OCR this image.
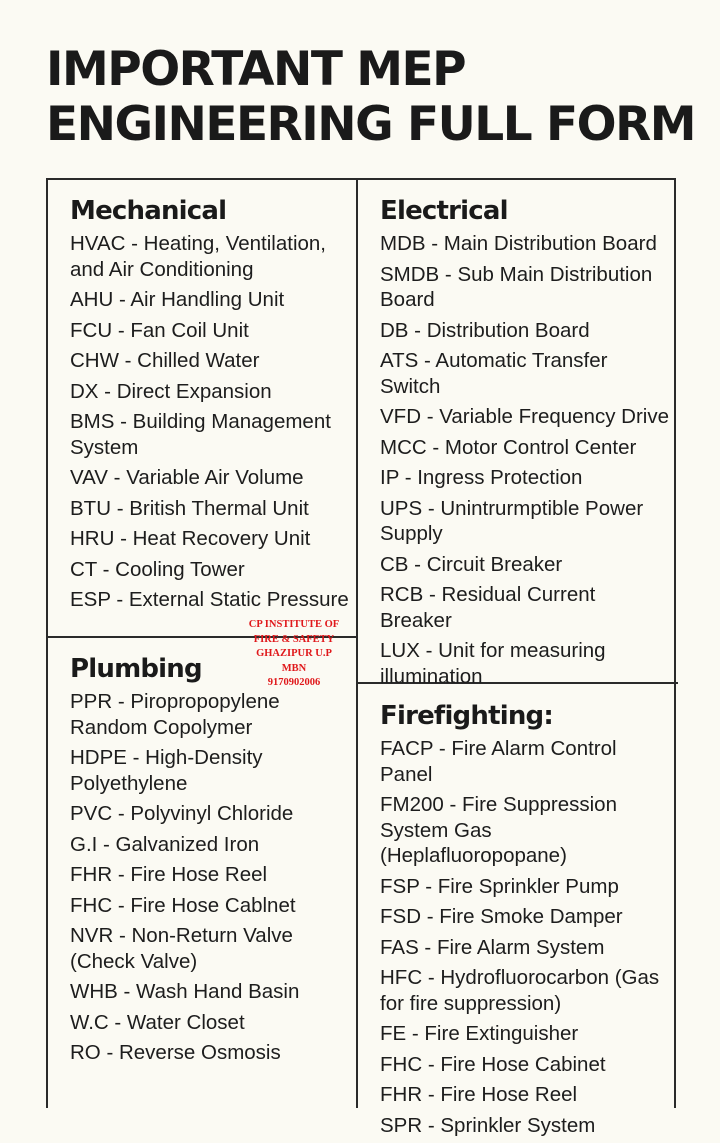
IMPORTANT MEP
ENGINEERING FULL FORM
Mechanical
HVAC - Heating, Ventilation, and Air Conditioning
AHU - Air Handling Unit
FCU - Fan Coil Unit
CHW - Chilled Water
DX - Direct Expansion
BMS - Building Management System
VAV - Variable Air Volume
BTU - British Thermal Unit
HRU - Heat Recovery Unit
CT - Cooling Tower
ESP - External Static Pressure
Electrical
MDB - Main Distribution Board
SMDB - Sub Main Distribution Board
DB - Distribution Board
ATS - Automatic Transfer Switch
VFD - Variable Frequency Drive
MCC - Motor Control Center
IP - Ingress Protection
UPS - Unintrurmptible Power Supply
CB - Circuit Breaker
RCB - Residual Current Breaker
LUX - Unit for measuring illumination
Plumbing
PPR - Piropropopylene Random Copolymer
HDPE - High-Density Polyethylene
PVC - Polyvinyl Chloride
G.I - Galvanized Iron
FHR - Fire Hose Reel
FHC - Fire Hose Cablnet
NVR - Non-Return Valve (Check Valve)
WHB - Wash Hand Basin
W.C - Water Closet
RO - Reverse Osmosis
Firefighting:
FACP - Fire Alarm Control Panel
FM200 - Fire Suppression System Gas (Heplafluoropopane)
FSP - Fire Sprinkler Pump
FSD - Fire Smoke Damper
FAS - Fire Alarm System
HFC - Hydrofluorocarbon (Gas for fire suppression)
FE - Fire Extinguisher
FHC - Fire Hose Cabinet
FHR - Fire Hose Reel
SPR - Sprinkler System
CP INSTITUTE OF
FIRE & SAFETY
GHAZIPUR U.P
MBN
9170902006
